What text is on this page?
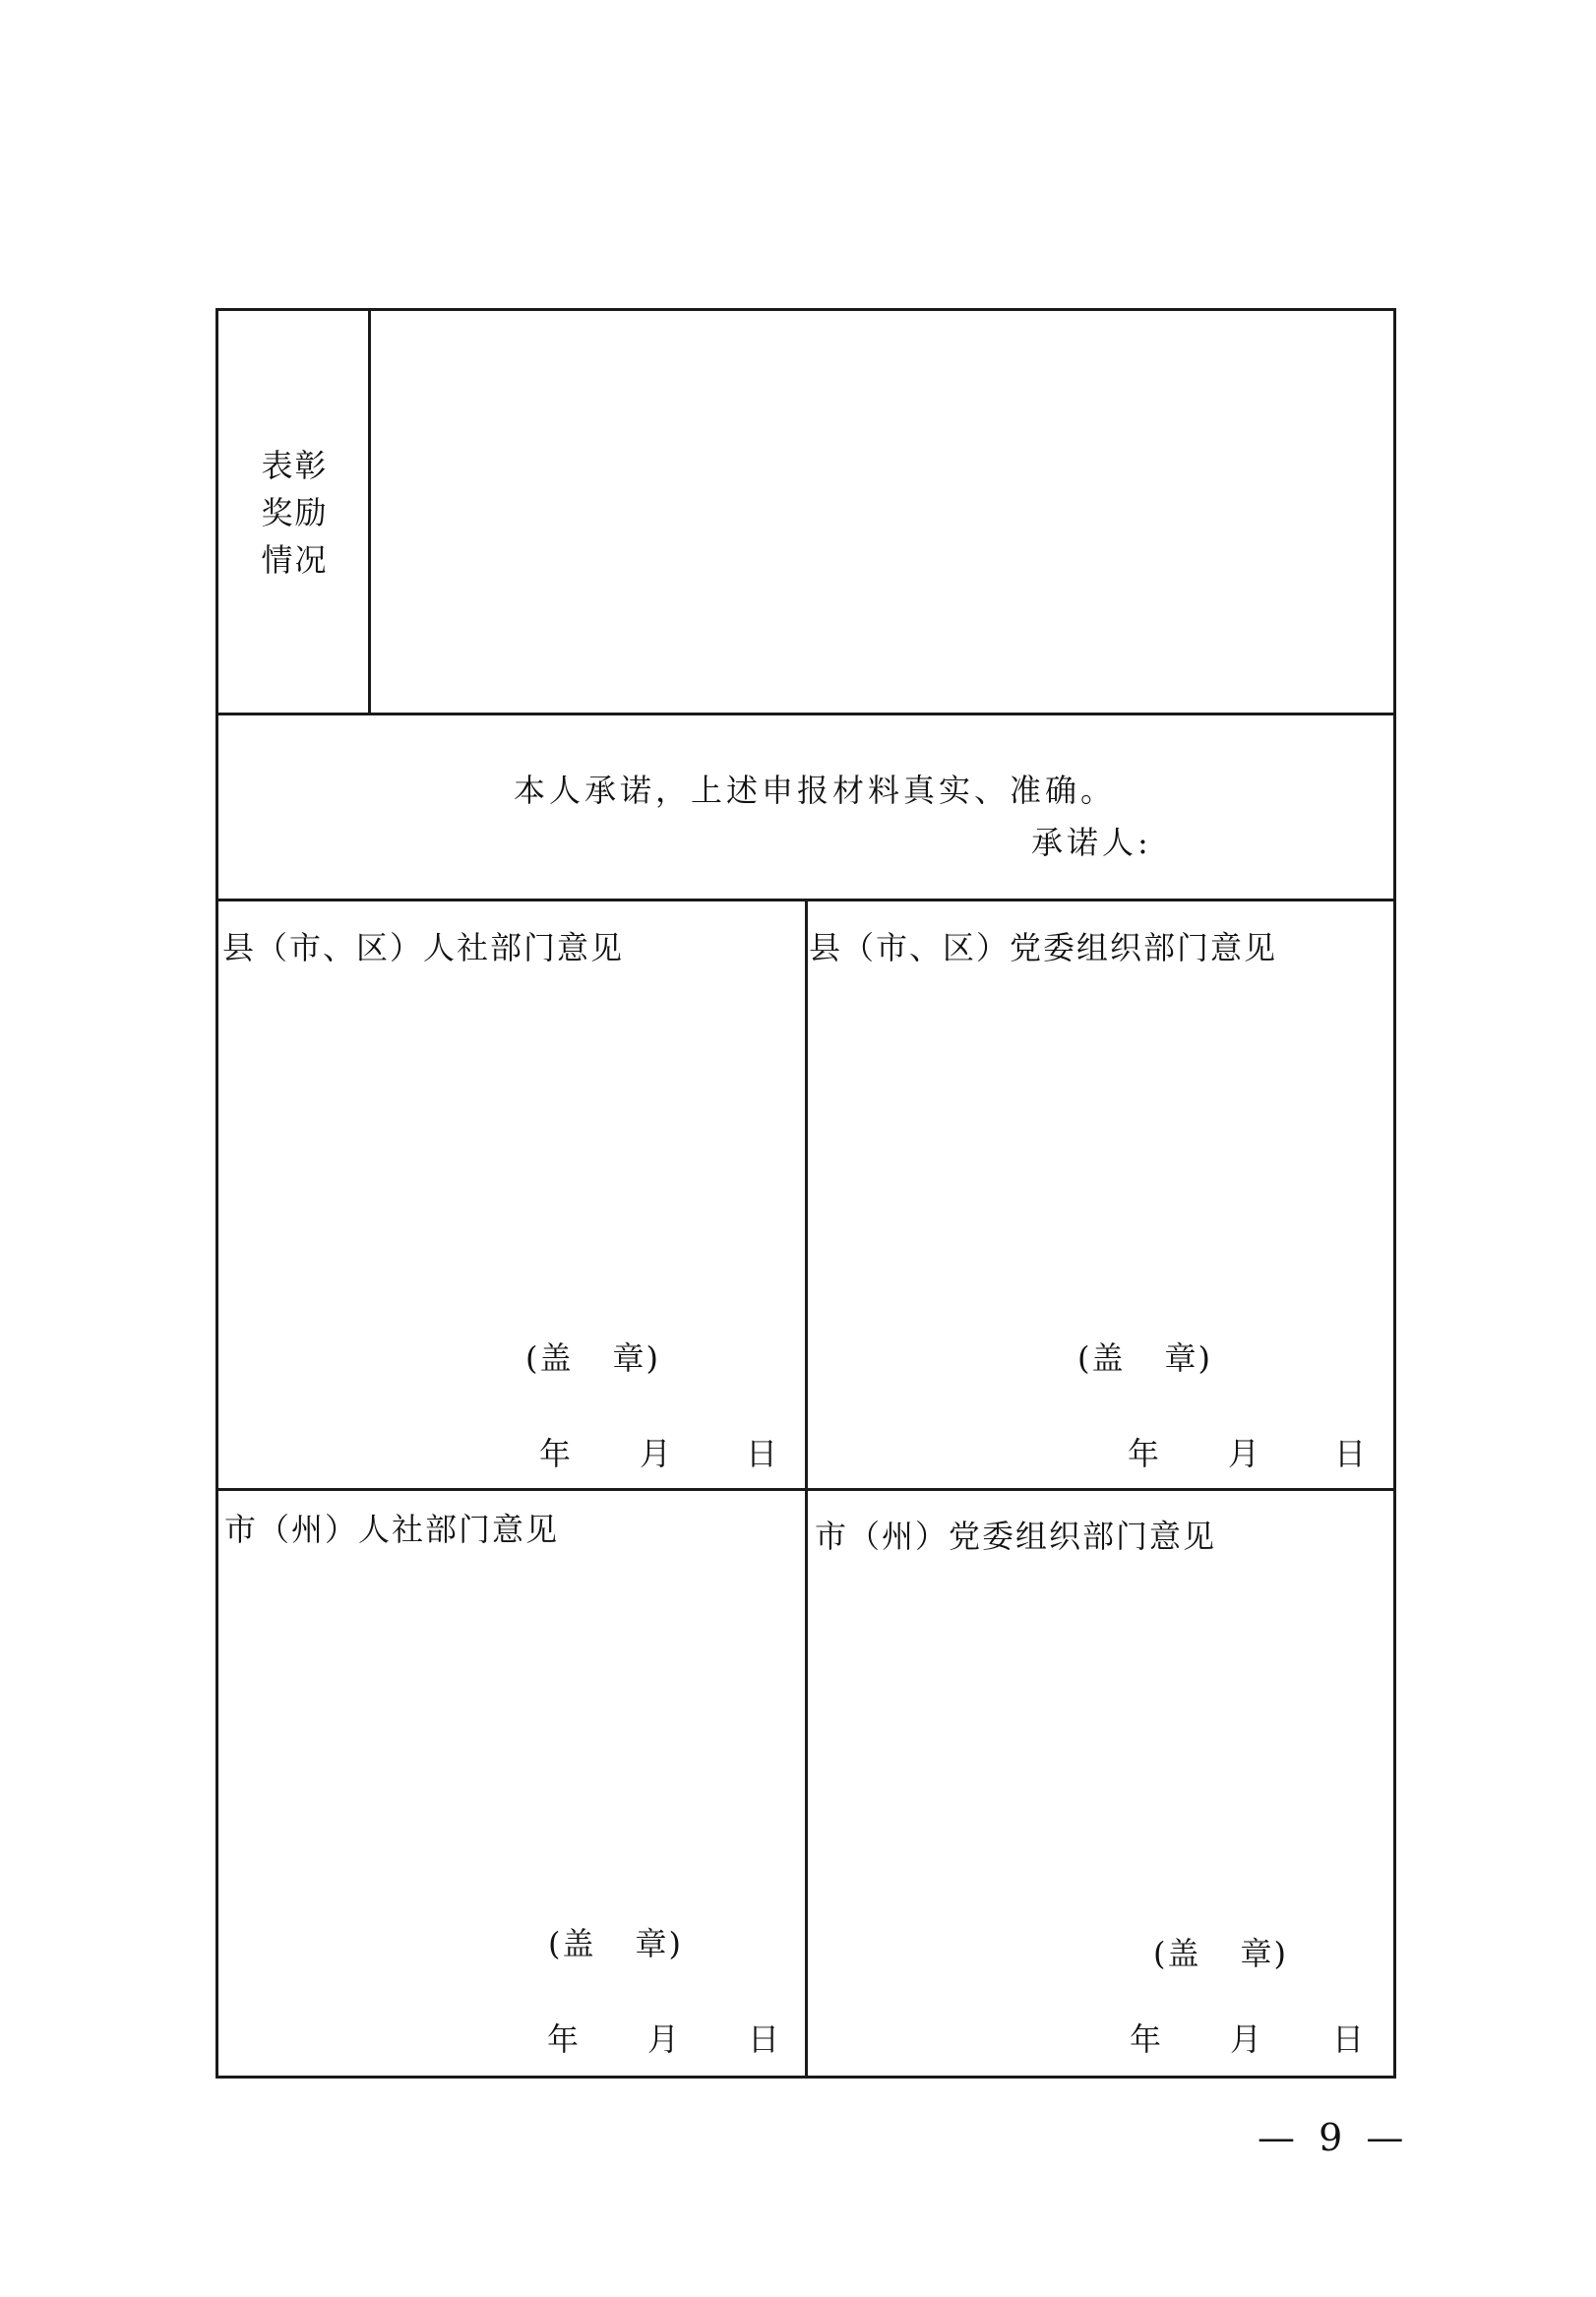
表彰
奖励
情况
本人承诺，上述申报材料真实、准确。
承诺人:
县（市、区）人社部门意见
(盖 章)
年 月 日
县（市、区）党委组织部门意见
(盖 章)
年 月 日
市（州）人社部门意见
(盖 章)
年 月 日
市（州）党委组织部门意见
(盖 章)
年 月 日
— 9 —
